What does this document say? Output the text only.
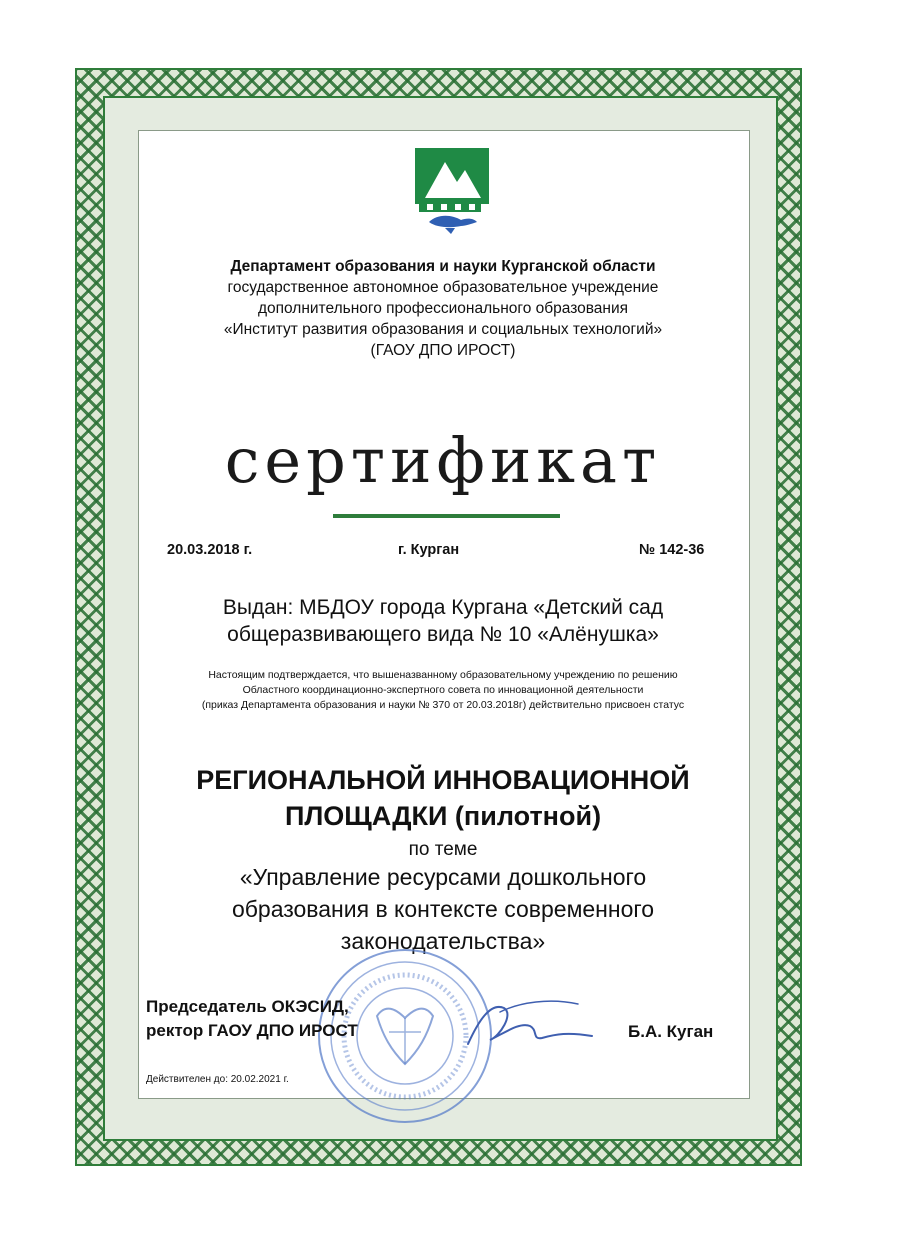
Департамент образования и науки Курганской области
государственное автономное образовательное учреждение
дополнительного профессионального образования
«Институт развития образования и социальных технологий»
(ГАОУ ДПО ИРОСТ)
сертификат
20.03.2018 г.	г. Курган	№ 142-36
Выдан: МБДОУ города Кургана «Детский сад
общеразвивающего вида № 10 «Алёнушка»
Настоящим подтверждается, что вышеназванному образовательному учреждению по решению
Областного координационно-экспертного совета по инновационной деятельности
(приказ Департамента образования и науки № 370 от 20.03.2018г) действительно присвоен статус
РЕГИОНАЛЬНОЙ ИННОВАЦИОННОЙ
ПЛОЩАДКИ (пилотной)
по теме
«Управление ресурсами дошкольного
образования в контексте современного
законодательства»
Председатель ОКЭСИД,
ректор ГАОУ ДПО ИРОСТ	Б.А. Куган
Действителен до: 20.02.2021 г.
